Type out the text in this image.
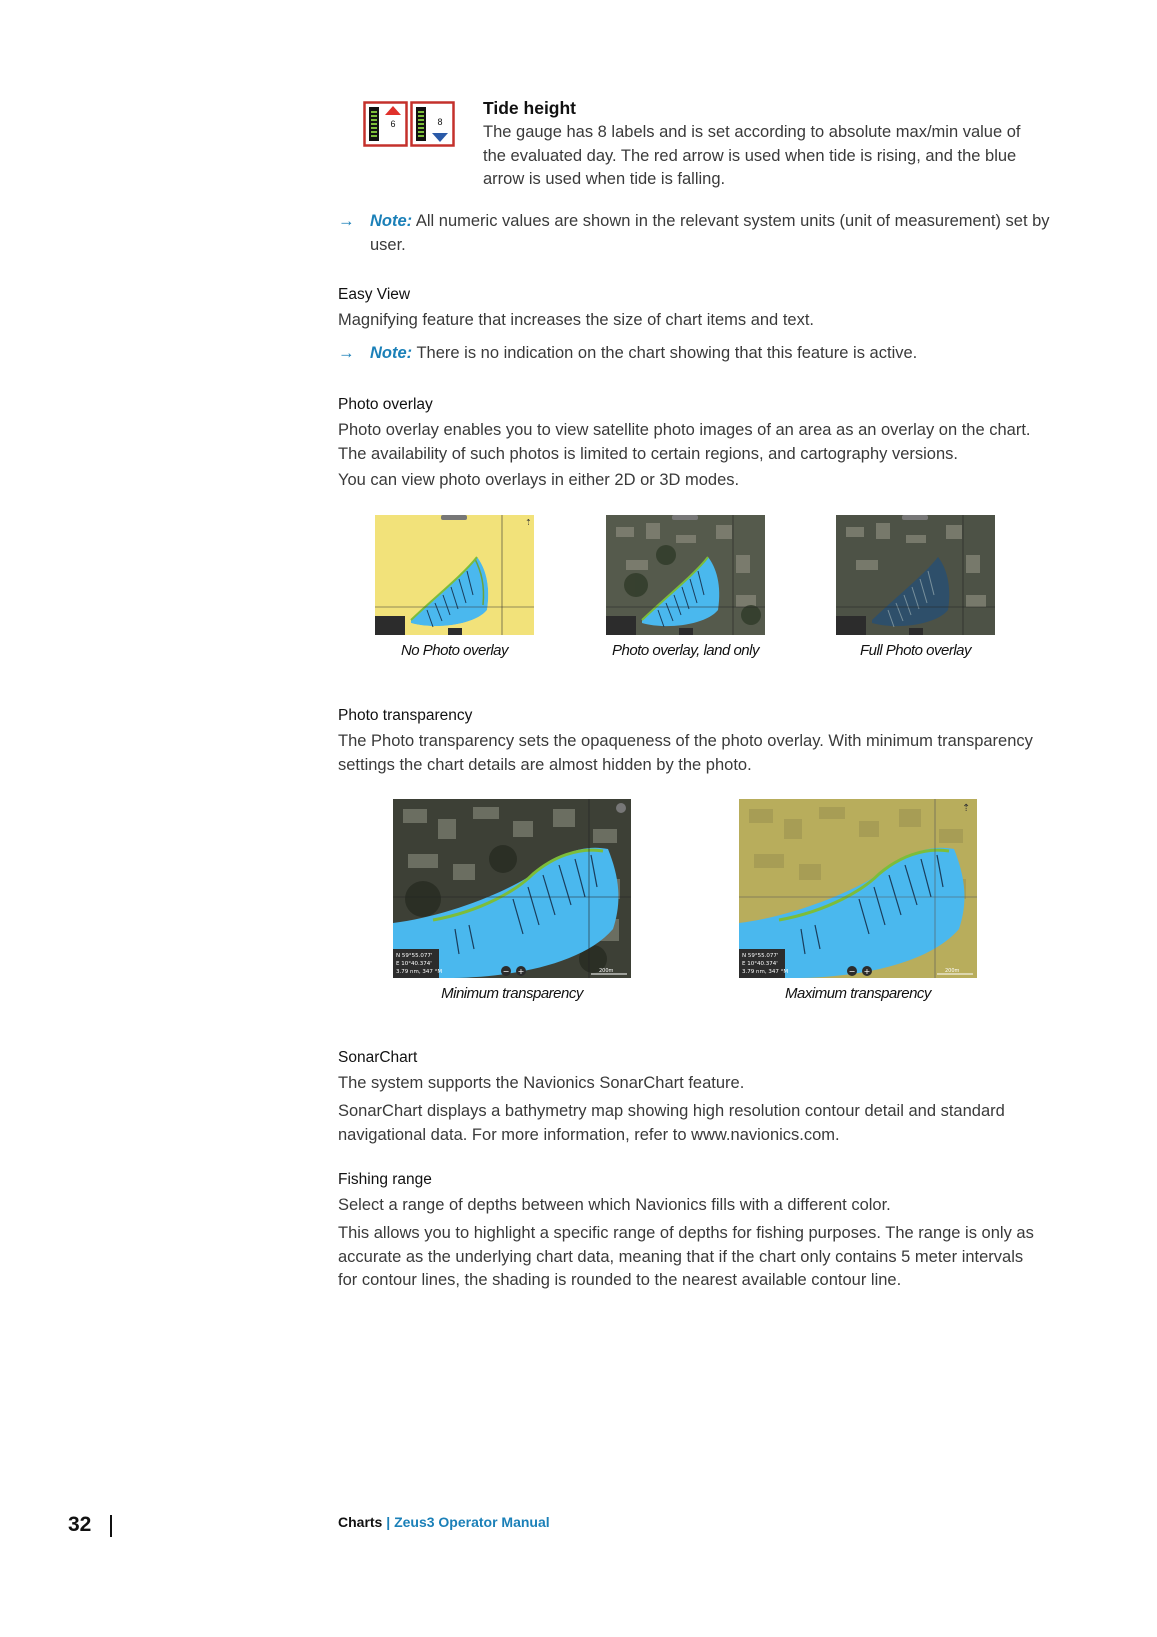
6	8
Tide height
The gauge has 8 labels and is set according to absolute max/min value of the evaluated day. The red arrow is used when tide is rising, and the blue arrow is used when tide is falling.
→ Note: All numeric values are shown in the relevant system units (unit of measurement) set by user.
Easy View
Magnifying feature that increases the size of chart items and text.
→ Note: There is no indication on the chart showing that this feature is active.
Photo overlay
Photo overlay enables you to view satellite photo images of an area as an overlay on the chart. The availability of such photos is limited to certain regions, and cartography versions.
You can view photo overlays in either 2D or 3D modes.
⇡
No Photo overlay	Photo overlay, land only	Full Photo overlay
Photo transparency
The Photo transparency sets the opaqueness of the photo overlay. With minimum transparency settings the chart details are almost hidden by the photo.
N 59°55.077'
E 10°40.374'
3.79 nm, 347 °M	− +	200m
N 59°55.077'
E 10°40.374'
3.79 nm, 347 °M	− +	200m
⇡
Minimum transparency	Maximum transparency
SonarChart
The system supports the Navionics SonarChart feature.
SonarChart displays a bathymetry map showing high resolution contour detail and standard navigational data. For more information, refer to www.navionics.com.
Fishing range
Select a range of depths between which Navionics fills with a different color.
This allows you to highlight a specific range of depths for fishing purposes. The range is only as accurate as the underlying chart data, meaning that if the chart only contains 5 meter intervals for contour lines, the shading is rounded to the nearest available contour line.
32	Charts | Zeus3 Operator Manual
